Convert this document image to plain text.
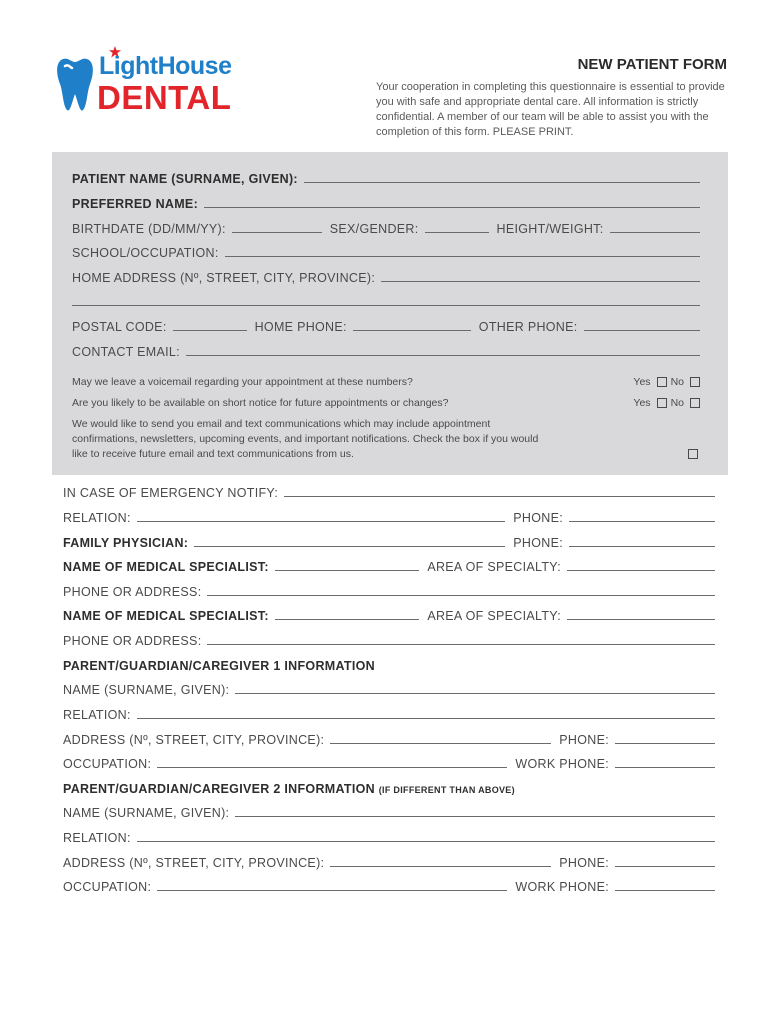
LightHouse
DENTAL
NEW PATIENT FORM
Your cooperation in completing this questionnaire is essential to provide you with safe and appropriate dental care. All information is strictly confidential. A member of our team will be able to assist you with the completion of this form. PLEASE PRINT.
PATIENT NAME (SURNAME, GIVEN):
PREFERRED NAME:
BIRTHDATE (DD/MM/YY):	SEX/GENDER:	HEIGHT/WEIGHT:
SCHOOL/OCCUPATION:
HOME ADDRESS (Nº, STREET, CITY, PROVINCE):
POSTAL CODE:	HOME PHONE:	OTHER PHONE:
CONTACT EMAIL:
May we leave a voicemail regarding your appointment at these numbers?	Yes No
Are you likely to be available on short notice for future appointments or changes?	Yes No
We would like to send you email and text communications which may include appointment confirmations, newsletters, upcoming events, and important notifications. Check the box if you would like to receive future email and text communications from us.
IN CASE OF EMERGENCY NOTIFY:
RELATION:	PHONE:
FAMILY PHYSICIAN:	PHONE:
NAME OF MEDICAL SPECIALIST:	AREA OF SPECIALTY:
PHONE OR ADDRESS:
NAME OF MEDICAL SPECIALIST:	AREA OF SPECIALTY:
PHONE OR ADDRESS:
PARENT/GUARDIAN/CAREGIVER 1 INFORMATION
NAME (SURNAME, GIVEN):
RELATION:
ADDRESS (Nº, STREET, CITY, PROVINCE):	PHONE:
OCCUPATION:	WORK PHONE:
PARENT/GUARDIAN/CAREGIVER 2 INFORMATION (IF DIFFERENT THAN ABOVE)
NAME (SURNAME, GIVEN):
RELATION:
ADDRESS (Nº, STREET, CITY, PROVINCE):	PHONE:
OCCUPATION:	WORK PHONE:
